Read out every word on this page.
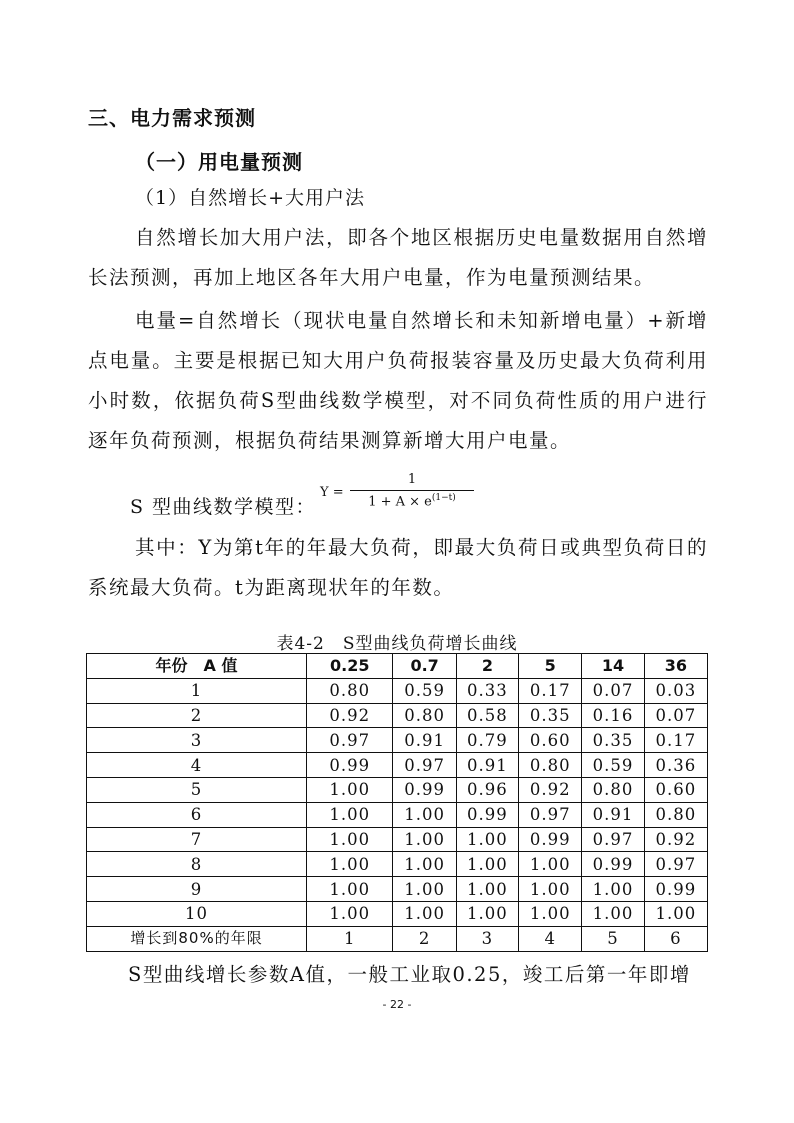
三、电力需求预测
（一）用电量预测
（1）自然增长+大用户法
自然增长加大用户法，即各个地区根据历史电量数据用自然增长法预测，再加上地区各年大用户电量，作为电量预测结果。
电量=自然增长（现状电量自然增长和未知新增电量）+新增点电量。主要是根据已知大用户负荷报装容量及历史最大负荷利用小时数，依据负荷S型曲线数学模型，对不同负荷性质的用户进行逐年负荷预测，根据负荷结果测算新增大用户电量。
S 型曲线数学模型：
Y =
1
$1 + A \times e^{(1-t)}$
其中：Y为第t年的年最大负荷，即最大负荷日或典型负荷日的系统最大负荷。t为距离现状年的年数。
表4-2　S型曲线负荷增长曲线
年份　A 值	0.25	0.7	2	5	14	36
1	0.80	0.59	0.33	0.17	0.07	0.03
2	0.92	0.80	0.58	0.35	0.16	0.07
3	0.97	0.91	0.79	0.60	0.35	0.17
4	0.99	0.97	0.91	0.80	0.59	0.36
5	1.00	0.99	0.96	0.92	0.80	0.60
6	1.00	1.00	0.99	0.97	0.91	0.80
7	1.00	1.00	1.00	0.99	0.97	0.92
8	1.00	1.00	1.00	1.00	0.99	0.97
9	1.00	1.00	1.00	1.00	1.00	0.99
10	1.00	1.00	1.00	1.00	1.00	1.00
增长到80%的年限	1	2	3	4	5	6
S型曲线增长参数A值，一般工业取0.25，竣工后第一年即增
- 22 -
